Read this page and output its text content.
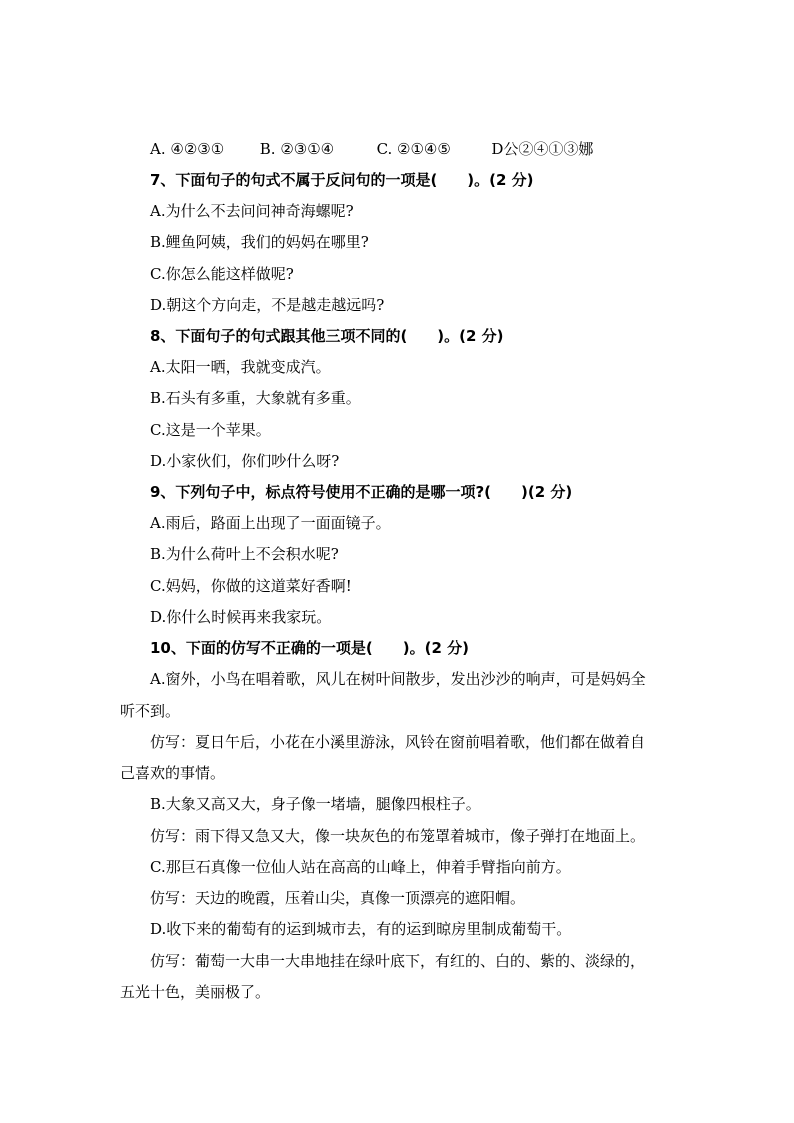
A. ④②③① B. ②③①④	C. ②①④⑤	D公②④①③娜
7、下面句子的句式不属于反问句的一项是(　　)。(2 分)
A.为什么不去问问神奇海螺呢?
B.鲤鱼阿姨，我们的妈妈在哪里?
C.你怎么能这样做呢?
D.朝这个方向走，不是越走越远吗?
8、下面句子的句式跟其他三项不同的(　　)。(2 分)
A.太阳一晒，我就变成汽。
B.石头有多重，大象就有多重。
C.这是一个苹果。
D.小家伙们，你们吵什么呀?
9、下列句子中，标点符号使用不正确的是哪一项?(　　)(2 分)
A.雨后，路面上出现了一面面镜子。
B.为什么荷叶上不会积水呢?
C.妈妈，你做的这道菜好香啊!
D.你什么时候再来我家玩。
10、下面的仿写不正确的一项是(　　)。(2 分)
A.窗外，小鸟在唱着歌，风儿在树叶间散步，发出沙沙的响声，可是妈妈全
听不到。
仿写：夏日午后，小花在小溪里游泳，风铃在窗前唱着歌，他们都在做着自
己喜欢的事情。
B.大象又高又大，身子像一堵墙，腿像四根柱子。
仿写：雨下得又急又大，像一块灰色的布笼罩着城市，像子弹打在地面上。
C.那巨石真像一位仙人站在高高的山峰上，伸着手臂指向前方。
仿写：天边的晚霞，压着山尖，真像一顶漂亮的遮阳帽。
D.收下来的葡萄有的运到城市去，有的运到晾房里制成葡萄干。
仿写：葡萄一大串一大串地挂在绿叶底下，有红的、白的、紫的、淡绿的，
五光十色，美丽极了。
